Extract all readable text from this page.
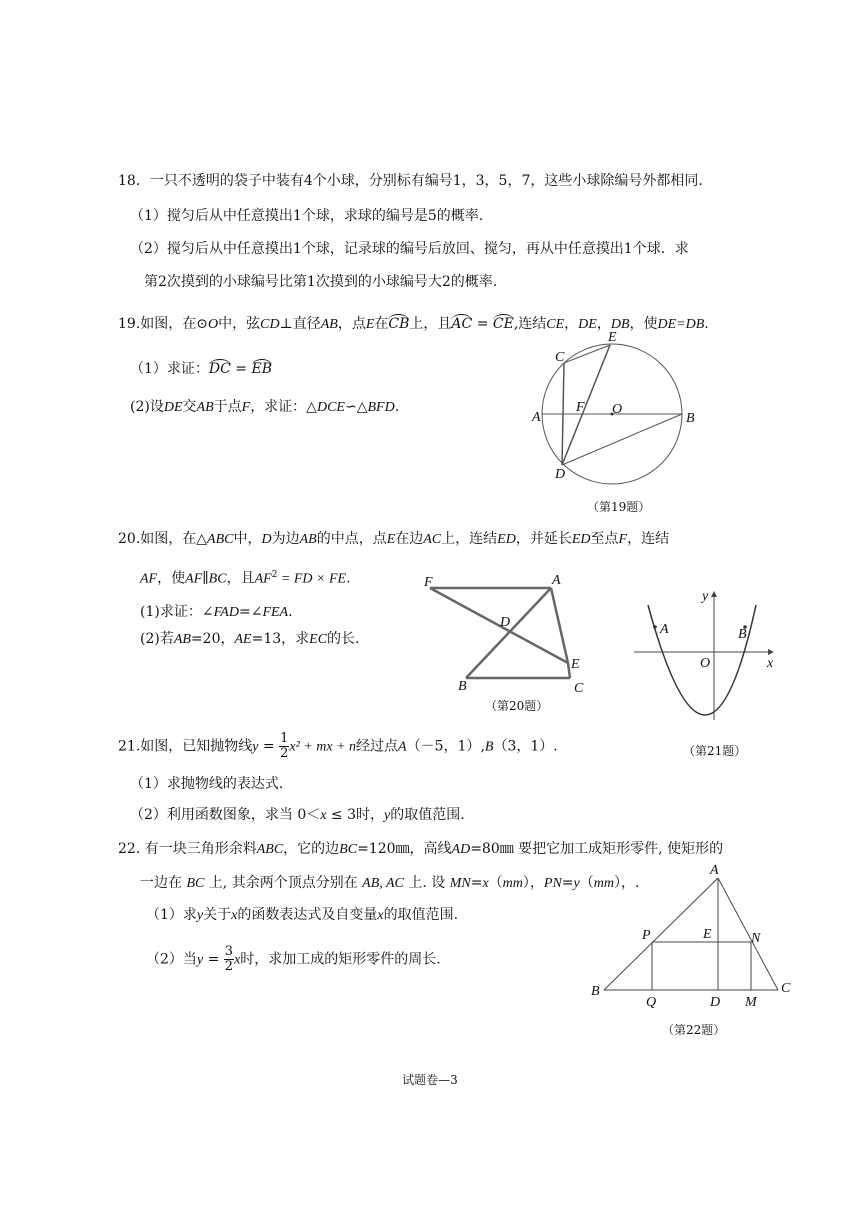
18．一只不透明的袋子中装有4个小球，分别标有编号1，3，5，7，这些小球除编号外都相同.
（1）搅匀后从中任意摸出1个球，求球的编号是5的概率.
（2）搅匀后从中任意摸出1个球，记录球的编号后放回、搅匀，再从中任意摸出1个球．求
第2次摸到的小球编号比第1次摸到的小球编号大2的概率.
19.如图，在⊙O中，弦CD⊥直径AB，点E在CB上，且AC = CE,连结CE，DE，DB，使DE=DB.
（1）求证：DC = EB
(2)设DE交AB于点F，求证：△DCE∽△BFD.
C
E
A
F O
B
D
（第19题）
20.如图，在△ABC中，D为边AB的中点，点E在边AC上，连结ED，并延长ED至点F，连结
AF，使AF∥BC，且$AF^2$ = FD × FE.
(1)求证：∠FAD=∠FEA.
(2)若AB=20，AE=13，求EC的长.
F	A
D
E
B	C
（第20题）
y
x
O
A	B
（第21题）
21.如图，已知抛物线$y = \frac{1}{2} x^2$ + mx + n经过点A（－5，1）,B（3，1）.
（1）求抛物线的表达式.
（2）利用函数图象，求当 0＜x ≤ 3时，y的取值范围.
22. 有一块三角形余料ABC，它的边BC=120㎜，高线AD=80㎜ 要把它加工成矩形零件, 使矩形的
一边在 BC 上, 其余两个顶点分别在 AB, AC 上. 设 MN=x（mm），PN=y（mm），.
（1）求y关于x的函数表达式及自变量x的取值范围.
（2）当$y = \frac{3}{2}$ x时，求加工成的矩形零件的周长.
A
P	E	N
B
Q	D M
C
（第22题）
试题卷—3
